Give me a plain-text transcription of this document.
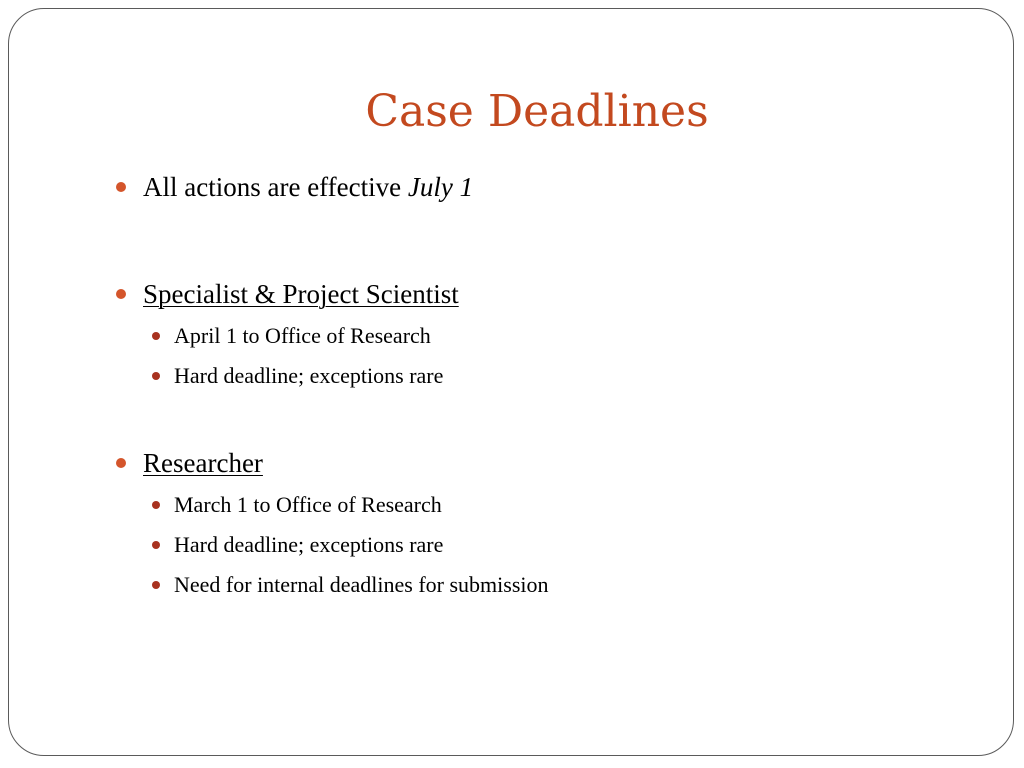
Case Deadlines
All actions are effective July 1
Specialist & Project Scientist
April 1 to Office of Research
Hard deadline; exceptions rare
Researcher
March 1 to Office of Research
Hard deadline; exceptions rare
Need for internal deadlines for submission
